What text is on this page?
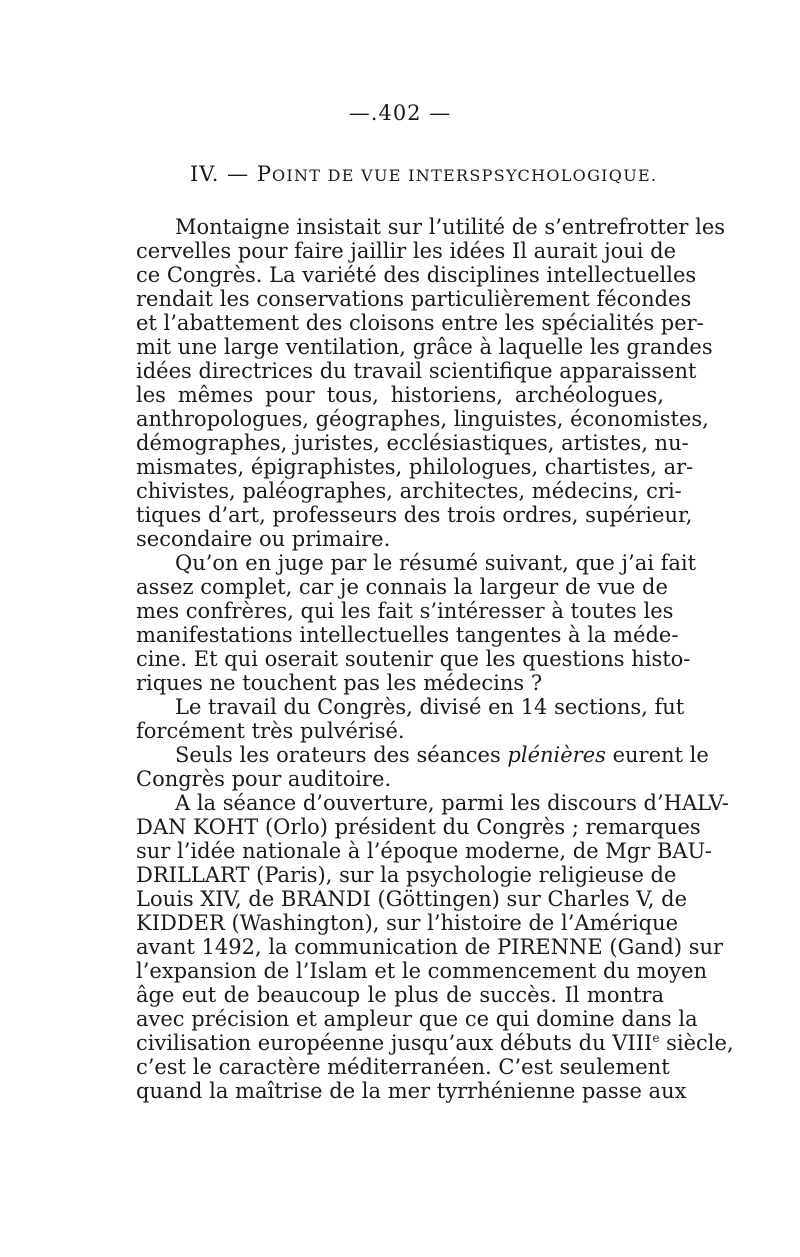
—.402 —
IV. — POINT DE VUE INTERSPSYCHOLOGIQUE.
Montaigne insistait sur l’utilité de s’entrefrotter les
cervelles pour faire jaillir les idées Il aurait joui de
ce Congrès. La variété des disciplines intellectuelles
rendait les conservations particulièrement fécondes
et l’abattement des cloisons entre les spécialités per-
mit une large ventilation, grâce à laquelle les grandes
idées directrices du travail scientifique apparaissent
les mêmes pour tous, historiens, archéologues,
anthropologues, géographes, linguistes, économistes,
démographes, juristes, ecclésiastiques, artistes, nu-
mismates, épigraphistes, philologues, chartistes, ar-
chivistes, paléographes, architectes, médecins, cri-
tiques d’art, professeurs des trois ordres, supérieur,
secondaire ou primaire.
Qu’on en juge par le résumé suivant, que j’ai fait
assez complet, car je connais la largeur de vue de
mes confrères, qui les fait s’intéresser à toutes les
manifestations intellectuelles tangentes à la méde-
cine. Et qui oserait soutenir que les questions histo-
riques ne touchent pas les médecins ?
Le travail du Congrès, divisé en 14 sections, fut
forcément très pulvérisé.
Seuls les orateurs des séances plénières eurent le
Congrès pour auditoire.
A la séance d’ouverture, parmi les discours d’HALV-
DAN KOHT (Orlo) président du Congrès ; remarques
sur l’idée nationale à l’époque moderne, de Mgr BAU-
DRILLART (Paris), sur la psychologie religieuse de
Louis XIV, de BRANDI (Göttingen) sur Charles V, de
KIDDER (Washington), sur l’histoire de l’Amérique
avant 1492, la communication de PIRENNE (Gand) sur
l’expansion de l’Islam et le commencement du moyen
âge eut de beaucoup le plus de succès. Il montra
avec précision et ampleur que ce qui domine dans la
civilisation européenne jusqu’aux débuts du VIIIe siècle,
c’est le caractère méditerranéen. C’est seulement
quand la maîtrise de la mer tyrrhénienne passe aux
